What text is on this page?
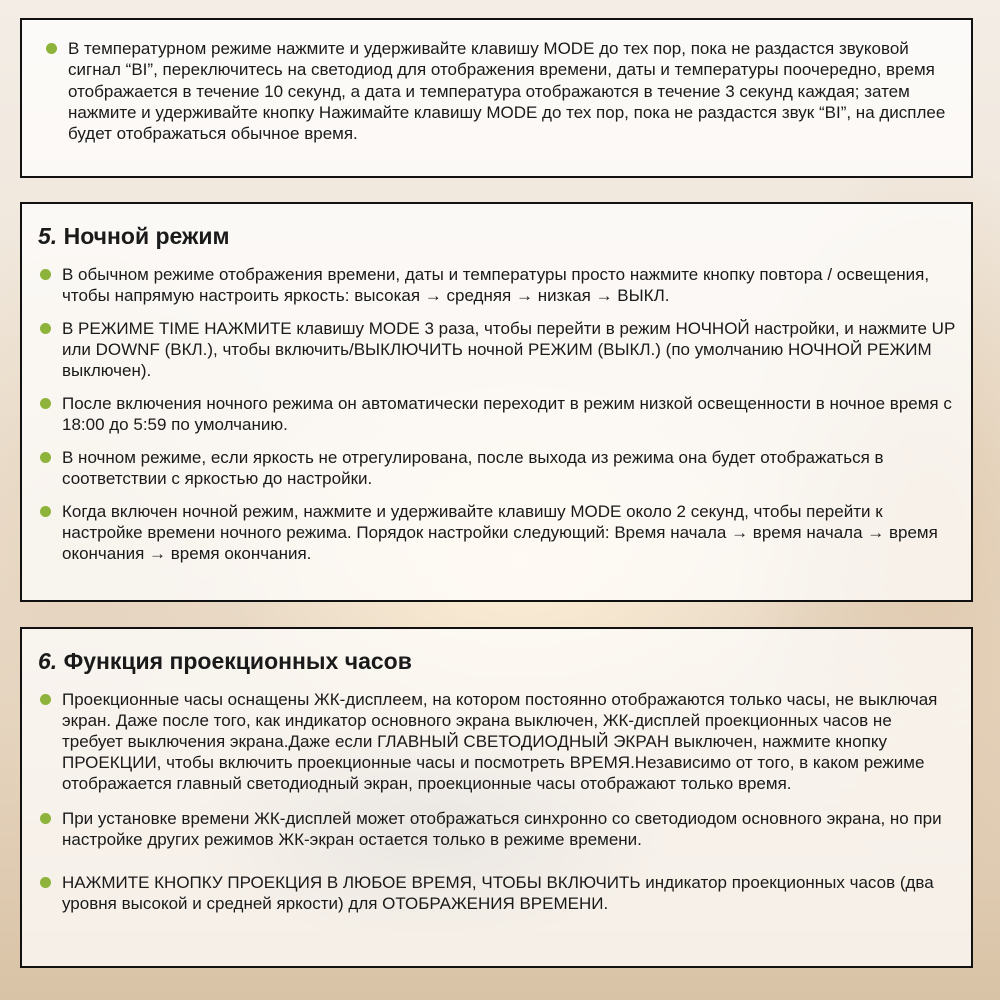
В температурном режиме нажмите и удерживайте клавишу MODE до тех пор, пока не раздастся звуковой сигнал “BI”, переключитесь на светодиод для отображения времени, даты и температуры поочередно, время отображается в течение 10 секунд, а дата и температура отображаются в течение 3 секунд каждая; затем нажмите и удерживайте кнопку Нажимайте клавишу MODE до тех пор, пока не раздастся звук “BI”, на дисплее будет отображаться обычное время.
5. Ночной режим
В обычном режиме отображения времени, даты и температуры просто нажмите кнопку повтора / освещения, чтобы напрямую настроить яркость: высокая → средняя → низкая → ВЫКЛ.
В РЕЖИМЕ TIME НАЖМИТЕ клавишу MODE 3 раза, чтобы перейти в режим НОЧНОЙ настройки, и нажмите UP или DOWNF (ВКЛ.), чтобы включить/ВЫКЛЮЧИТЬ ночной РЕЖИМ (ВЫКЛ.) (по умолчанию НОЧНОЙ РЕЖИМ выключен).
После включения ночного режима он автоматически переходит в режим низкой освещенности в ночное время с 18:00 до 5:59 по умолчанию.
В ночном режиме, если яркость не отрегулирована, после выхода из режима она будет отображаться в соответствии с яркостью до настройки.
Когда включен ночной режим, нажмите и удерживайте клавишу MODE около 2 секунд, чтобы перейти к настройке времени ночного режима. Порядок настройки следующий: Время начала → время начала → время окончания → время окончания.
6. Функция проекционных часов
Проекционные часы оснащены ЖК-дисплеем, на котором постоянно отображаются только часы, не выключая экран. Даже после того, как индикатор основного экрана выключен, ЖК-дисплей проекционных часов не требует выключения экрана.Даже если ГЛАВНЫЙ СВЕТОДИОДНЫЙ ЭКРАН выключен, нажмите кнопку ПРОЕКЦИИ, чтобы включить проекционные часы и посмотреть ВРЕМЯ.Независимо от того, в каком режиме отображается главный светодиодный экран, проекционные часы отображают только время.
При установке времени ЖК-дисплей может отображаться синхронно со светодиодом основного экрана, но при настройке других режимов ЖК-экран остается только в режиме времени.
НАЖМИТЕ КНОПКУ ПРОЕКЦИЯ В ЛЮБОЕ ВРЕМЯ, ЧТОБЫ ВКЛЮЧИТЬ индикатор проекционных часов (два уровня высокой и средней яркости) для ОТОБРАЖЕНИЯ ВРЕМЕНИ.
